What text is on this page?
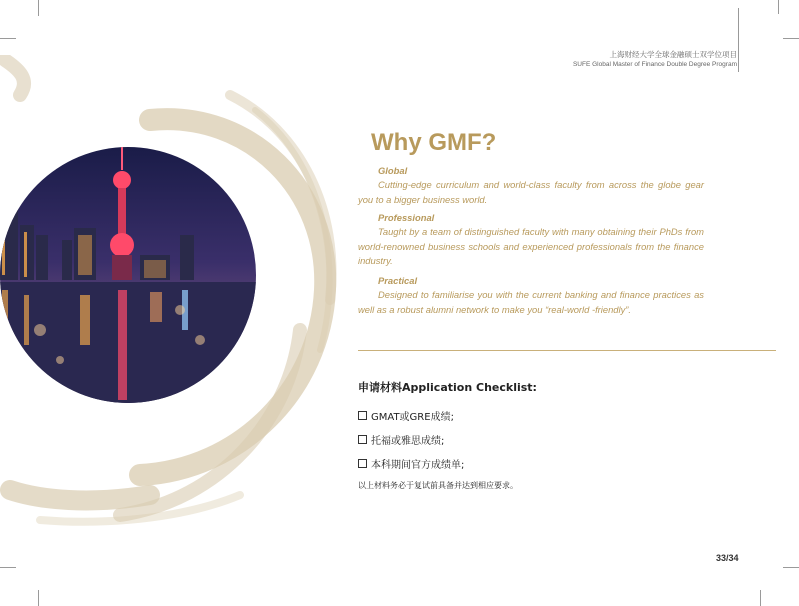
上海财经大学全球金融硕士双学位项目
SUFE Global Master of Finance Double Degree Program
Why GMF?
Global
Cutting-edge curriculum and world-class faculty from across the globe gear you to a bigger business world.
Professional
Taught by a team of distinguished faculty with many obtaining their PhDs from world-renowned business schools and experienced professionals from the finance industry.
Practical
Designed to familiarise you with the current banking and finance practices as well as a robust alumni network to make you “real-world -friendly”.
申请材料Application Checklist:
GMAT或GRE成绩;
托福或雅思成绩;
本科期间官方成绩单;
以上材料务必于复试前具备并达到相应要求。
33/34
